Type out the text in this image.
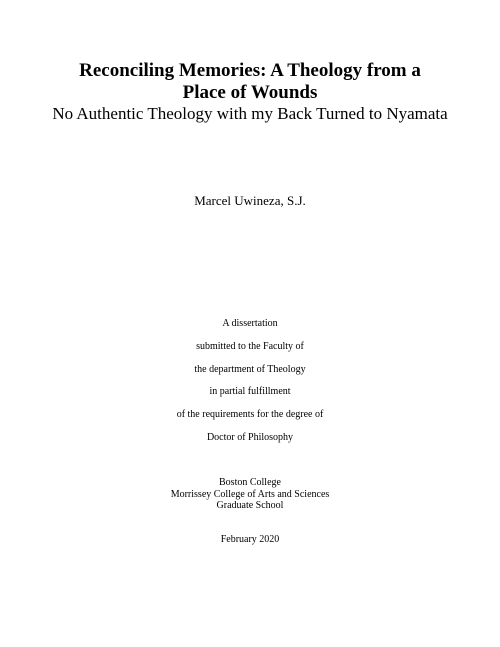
Reconciling Memories: A Theology from a

Place of Wounds

No Authentic Theology with my Back Turned to Nyamata

Marcel Uwineza, S.J.

A dissertation

submitted to the Faculty of

the department of Theology

in partial fulfillment

of the requirements for the degree of

Doctor of Philosophy

Boston College

Morrissey College of Arts and Sciences

Graduate School

February 2020
